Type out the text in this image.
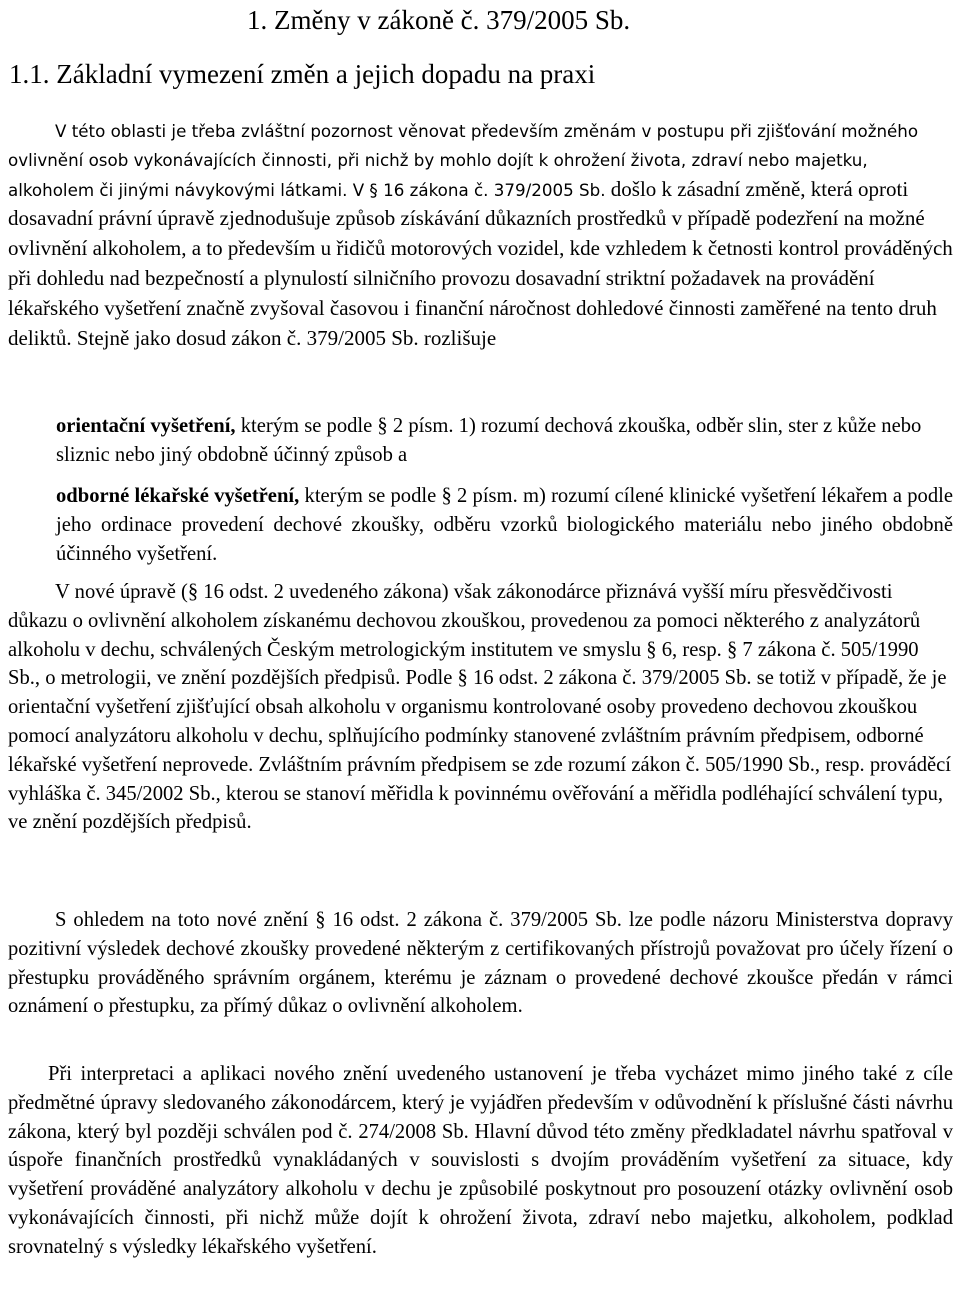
1. Změny v zákoně č. 379/2005 Sb.
1.1. Základní vymezení změn a jejich dopadu na praxi

V této oblasti je třeba zvláštní pozornost věnovat především změnám v postupu při zjišťování možného ovlivnění osob vykonávajících činnosti, při nichž by mohlo dojít k ohrožení života, zdraví nebo majetku, alkoholem či jinými návykovými látkami. V § 16 zákona č. 379/2005 Sb. došlo k zásadní změně, která oproti dosavadní právní úpravě zjednodušuje způsob získávání důkazních prostředků v případě podezření na možné ovlivnění alkoholem, a to především u řidičů motorových vozidel, kde vzhledem k četnosti kontrol prováděných při dohledu nad bezpečností a plynulostí silničního provozu dosavadní striktní požadavek na provádění lékařského vyšetření značně zvyšoval časovou i finanční náročnost dohledové činnosti zaměřené na tento druh deliktů. Stejně jako dosud zákon č. 379/2005 Sb. rozlišuje

orientační vyšetření, kterým se podle § 2 písm. 1) rozumí dechová zkouška, odběr slin, ster z kůže nebo sliznic nebo jiný obdobně účinný způsob a

odborné lékařské vyšetření, kterým se podle § 2 písm. m) rozumí cílené klinické vyšetření lékařem a podle jeho ordinace provedení dechové zkoušky, odběru vzorků biologického materiálu nebo jiného obdobně účinného vyšetření.

V nové úpravě (§ 16 odst. 2 uvedeného zákona) však zákonodárce přiznává vyšší míru přesvědčivosti důkazu o ovlivnění alkoholem získanému dechovou zkouškou, provedenou za pomoci některého z analyzátorů alkoholu v dechu, schválených Českým metrologickým institutem ve smyslu § 6, resp. § 7 zákona č. 505/1990 Sb., o metrologii, ve znění pozdějších předpisů. Podle § 16 odst. 2 zákona č. 379/2005 Sb. se totiž v případě, že je orientační vyšetření zjišťující obsah alkoholu v organismu kontrolované osoby provedeno dechovou zkouškou pomocí analyzátoru alkoholu v dechu, splňujícího podmínky stanovené zvláštním právním předpisem, odborné lékařské vyšetření neprovede. Zvláštním právním předpisem se zde rozumí zákon č. 505/1990 Sb., resp. prováděcí vyhláška č. 345/2002 Sb., kterou se stanoví měřidla k povinnému ověřování a měřidla podléhající schválení typu, ve znění pozdějších předpisů.

S ohledem na toto nové znění § 16 odst. 2 zákona č. 379/2005 Sb. lze podle názoru Ministerstva dopravy pozitivní výsledek dechové zkoušky provedené některým z certifikovaných přístrojů považovat pro účely řízení o přestupku prováděného správním orgánem, kterému je záznam o provedené dechové zkoušce předán v rámci oznámení o přestupku, za přímý důkaz o ovlivnění alkoholem.

Při interpretaci a aplikaci nového znění uvedeného ustanovení je třeba vycházet mimo jiného také z cíle předmětné úpravy sledovaného zákonodárcem, který je vyjádřen především v odůvodnění k příslušné části návrhu zákona, který byl později schválen pod č. 274/2008 Sb. Hlavní důvod této změny předkladatel návrhu spatřoval v úspoře finančních prostředků vynakládaných v souvislosti s dvojím prováděním vyšetření za situace, kdy vyšetření prováděné analyzátory alkoholu v dechu je způsobilé poskytnout pro posouzení otázky ovlivnění osob vykonávajících činnosti, při nichž může dojít k ohrožení života, zdraví nebo majetku, alkoholem, podklad srovnatelný s výsledky lékařského vyšetření.
